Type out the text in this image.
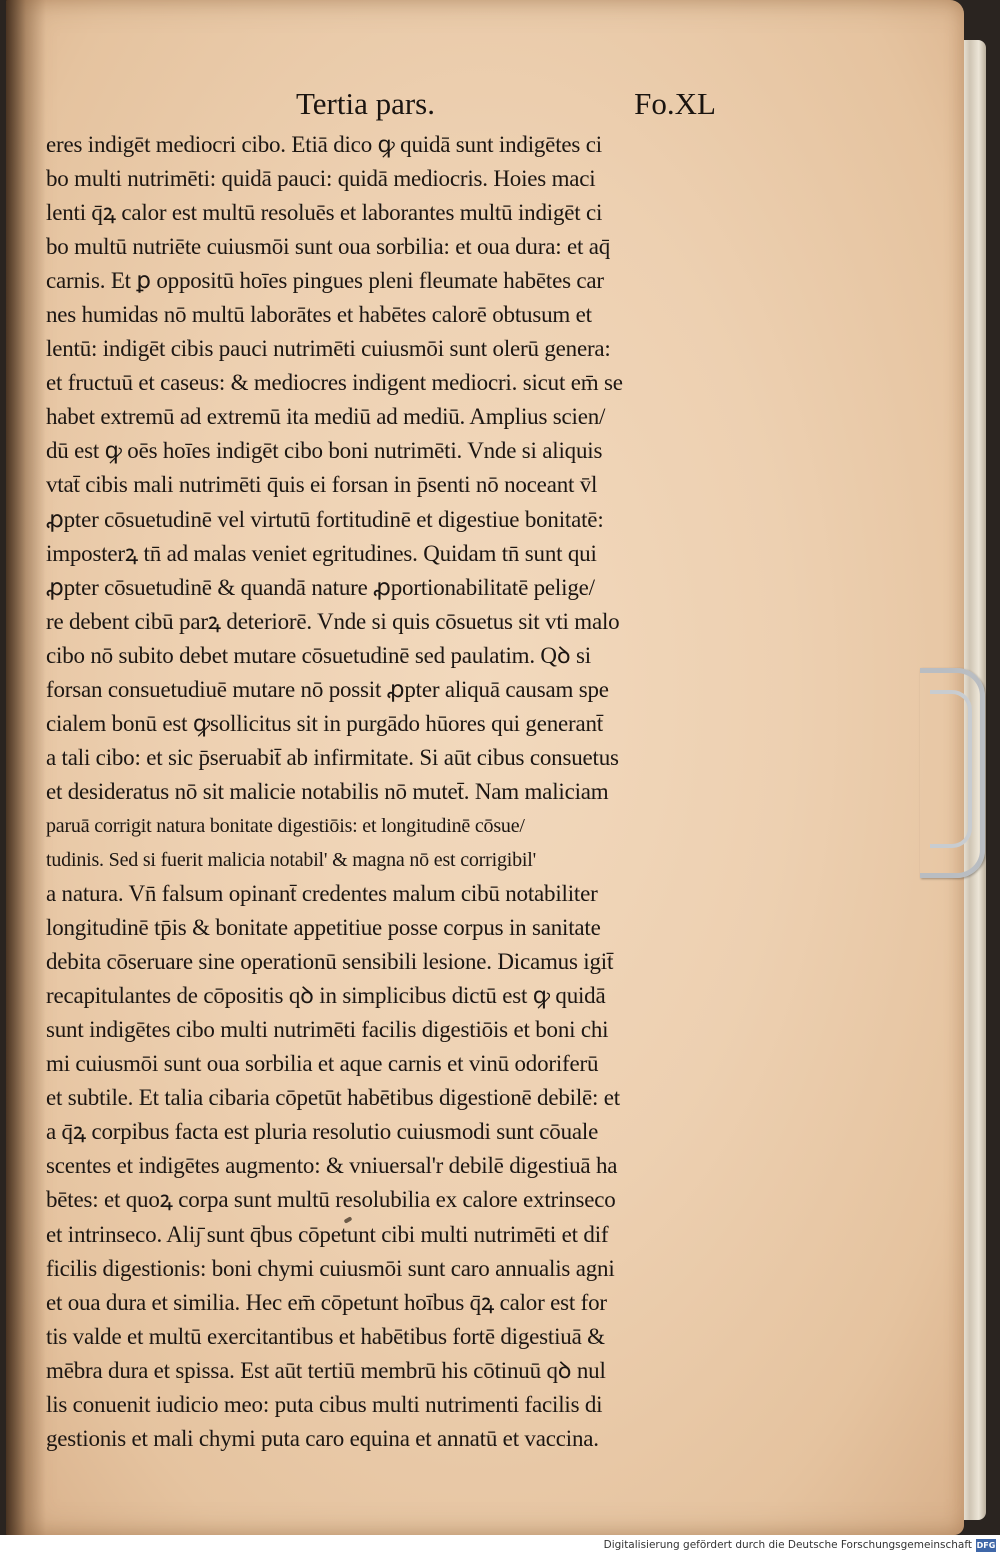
Tertia pars.	Fo.XL
eres indigēt mediocri cibo. Etiā dico ꝙ quidā sunt indigētes ci
bo multi nutrimēti: quidā pauci: quidā mediocris. Hoies maci
lenti q̄ꝝ calor est multū resoluēs et laborantes multū indigēt ci
bo multū nutriēte cuiusmōi sunt oua sorbilia: et oua dura: et aq̄
carnis. Et ꝑ oppositū hoīes pingues pleni fleumate habētes car
nes humidas nō multū laborātes et habētes calorē obtusum et
lentū: indigēt cibis pauci nutrimēti cuiusmōi sunt olerū genera:
et fructuū et caseus: & mediocres indigent mediocri. sicut em̄ se
habet extremū ad extremū ita mediū ad mediū. Amplius scien/
dū est ꝙ oēs hoīes indigēt cibo boni nutrimēti. Vnde si aliquis
vtat̄ cibis mali nutrimēti q̄uis ei forsan in p̄senti nō noceant v̄l
ꝓpter cōsuetudinē vel virtutū fortitudinē et digestiue bonitatē:
imposterꝝ tn̄ ad malas veniet egritudines. Quidam tn̄ sunt qui
ꝓpter cōsuetudinē & quandā nature ꝓportionabilitatē pelige/
re debent cibū parꝝ deteriorē. Vnde si quis cōsuetus sit vti malo
cibo nō subito debet mutare cōsuetudinē sed paulatim. Qꝺ si
forsan consuetudiuē mutare nō possit ꝓpter aliquā causam spe
cialem bonū est ꝙsollicitus sit in purgādo hūores qui generant̄
a tali cibo: et sic p̄seruabit̄ ab infirmitate. Si aūt cibus consuetus
et desideratus nō sit malicie notabilis nō mutet̄. Nam maliciam
paruā corrigit natura bonitate digestiōis: et longitudinē cōsue/
tudinis. Sed si fuerit malicia notabil' & magna nō est corrigibil'
a natura. Vn̄ falsum opinant̄ credentes malum cibū notabiliter
longitudinē tp̄is & bonitate appetitiue posse corpus in sanitate
debita cōseruare sine operationū sensibili lesione. Dicamus igit̄
recapitulantes de cōpositis qꝺ in simplicibus dictū est ꝙ quidā
sunt indigētes cibo multi nutrimēti facilis digestiōis et boni chi
mi cuiusmōi sunt oua sorbilia et aque carnis et vinū odoriferū
et subtile. Et talia cibaria cōpetūt habētibus digestionē debilē: et
a q̄ꝝ corpibus facta est pluria resolutio cuiusmodi sunt cōuale
scentes et indigētes augmento: & vniuersal'r debilē digestiuā ha
bētes: et quoꝝ corpa sunt multū resolubilia ex calore extrinseco
et intrinseco. Aliȷ̄ sunt q̄bus cōpetunt cibi multi nutrimēti et dif
ficilis digestionis: boni chymi cuiusmōi sunt caro annualis agni
et oua dura et similia. Hec em̄ cōpetunt hoībus q̄ꝝ calor est for
tis valde et multū exercitantibus et habētibus fortē digestiuā &
mēbra dura et spissa. Est aūt tertiū membrū his cōtinuū qꝺ nul
lis conuenit iudicio meo: puta cibus multi nutrimenti facilis di
gestionis et mali chymi puta caro equina et annatū et vaccina.
Digitalisierung gefördert durch die Deutsche Forschungsgemeinschaft DFG
